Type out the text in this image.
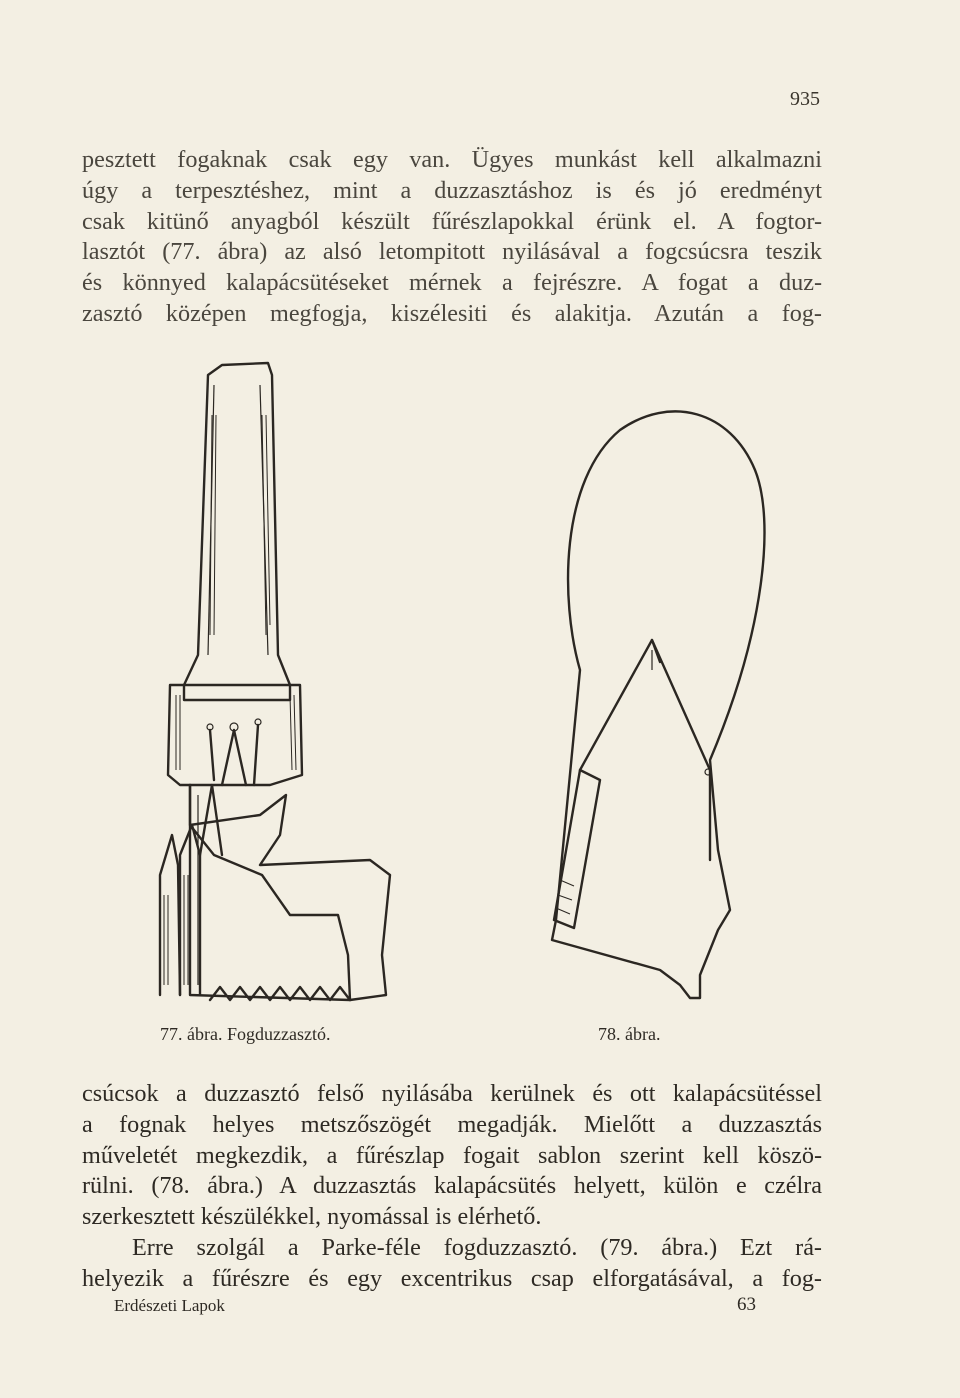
935

pesztett fogaknak csak egy van. Ügyes munkást kell alkalmazni
úgy a terpesztéshez, mint a duzzasztáshoz is és jó eredményt
csak kitünő anyagból készült fűrészlapokkal érünk el. A fogtor-
lasztót (77. ábra) az alsó letompitott nyilásával a fogcsúcsra teszik
és könnyed kalapácsütéseket mérnek a fejrészre. A fogat a duz-
zasztó középen megfogja, kiszélesiti és alakitja. Azután a fog-

77. ábra. Fogduzzasztó.	78. ábra.

csúcsok a duzzasztó felső nyilásába kerülnek és ott kalapácsütéssel
a fognak helyes metszőszögét megadják. Mielőtt a duzzasztás
műveletét megkezdik, a fűrészlap fogait sablon szerint kell köszö-
rülni. (78. ábra.) A duzzasztás kalapácsütés helyett, külön e czélra
szerkesztett készülékkel, nyomással is elérhető.
Erre szolgál a Parke-féle fogduzzasztó. (79. ábra.) Ezt rá-
helyezik a fűrészre és egy excentrikus csap elforgatásával, a fog-

Erdészeti Lapok	63
